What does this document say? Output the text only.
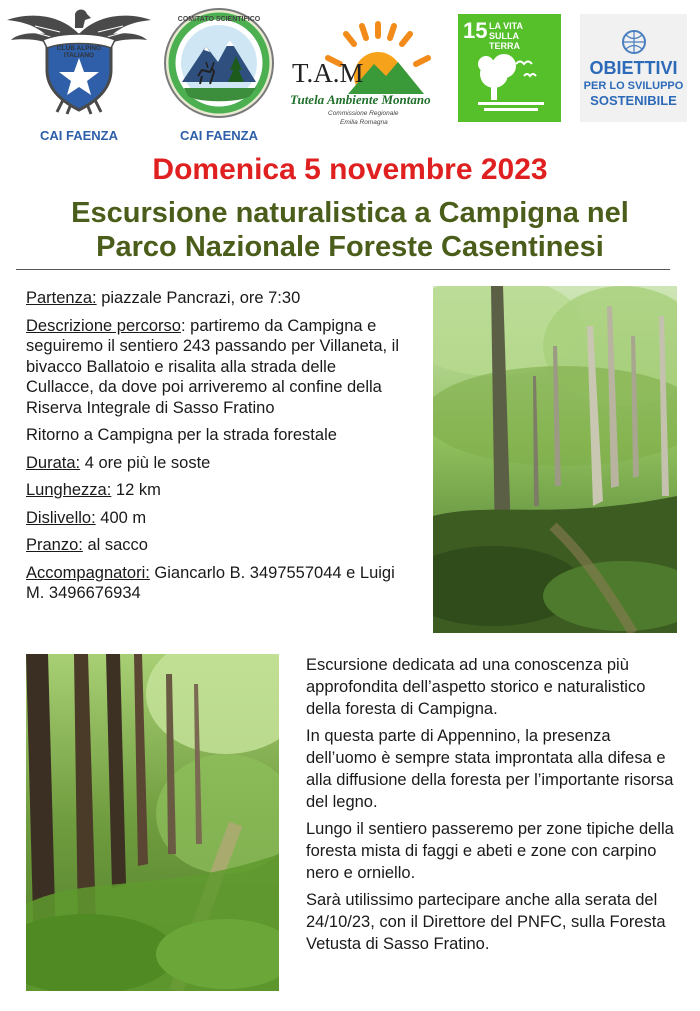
CLUB ALPINO ITALIANO
CAI FAENZA
COMITATO SCIENTIFICO
CAI FAENZA
T.A.M
Tutela Ambiente Montano
Commissione Regionale
Emilia Romagna
15 LA VITA SULLA TERRA
OBIETTIVI
PER LO SVILUPPO
SOSTENIBILE
Domenica 5 novembre 2023
Escursione naturalistica a Campigna nel
Parco Nazionale Foreste Casentinesi

Partenza: piazzale Pancrazi, ore 7:30

Descrizione percorso: partiremo da Campigna e seguiremo il sentiero 243 passando per Villaneta, il bivacco Ballatoio e risalita alla strada delle Cullacce, da dove poi arriveremo al confine della Riserva Integrale di Sasso Fratino

Ritorno a Campigna per la strada forestale

Durata: 4 ore più le soste

Lunghezza: 12 km

Dislivello: 400 m

Pranzo: al sacco

Accompagnatori: Giancarlo B. 3497557044 e Luigi M. 3496676934

Escursione dedicata ad una conoscenza più approfondita dell’aspetto storico e naturalistico della foresta di Campigna.

In questa parte di Appennino, la presenza dell’uomo è sempre stata improntata alla difesa e alla diffusione della foresta per l’importante risorsa del legno.

Lungo il sentiero passeremo per zone tipiche della foresta mista di faggi e abeti e zone con carpino nero e orniello.

Sarà utilissimo partecipare anche alla serata del 24/10/23, con il Direttore del PNFC, sulla Foresta Vetusta di Sasso Fratino.
